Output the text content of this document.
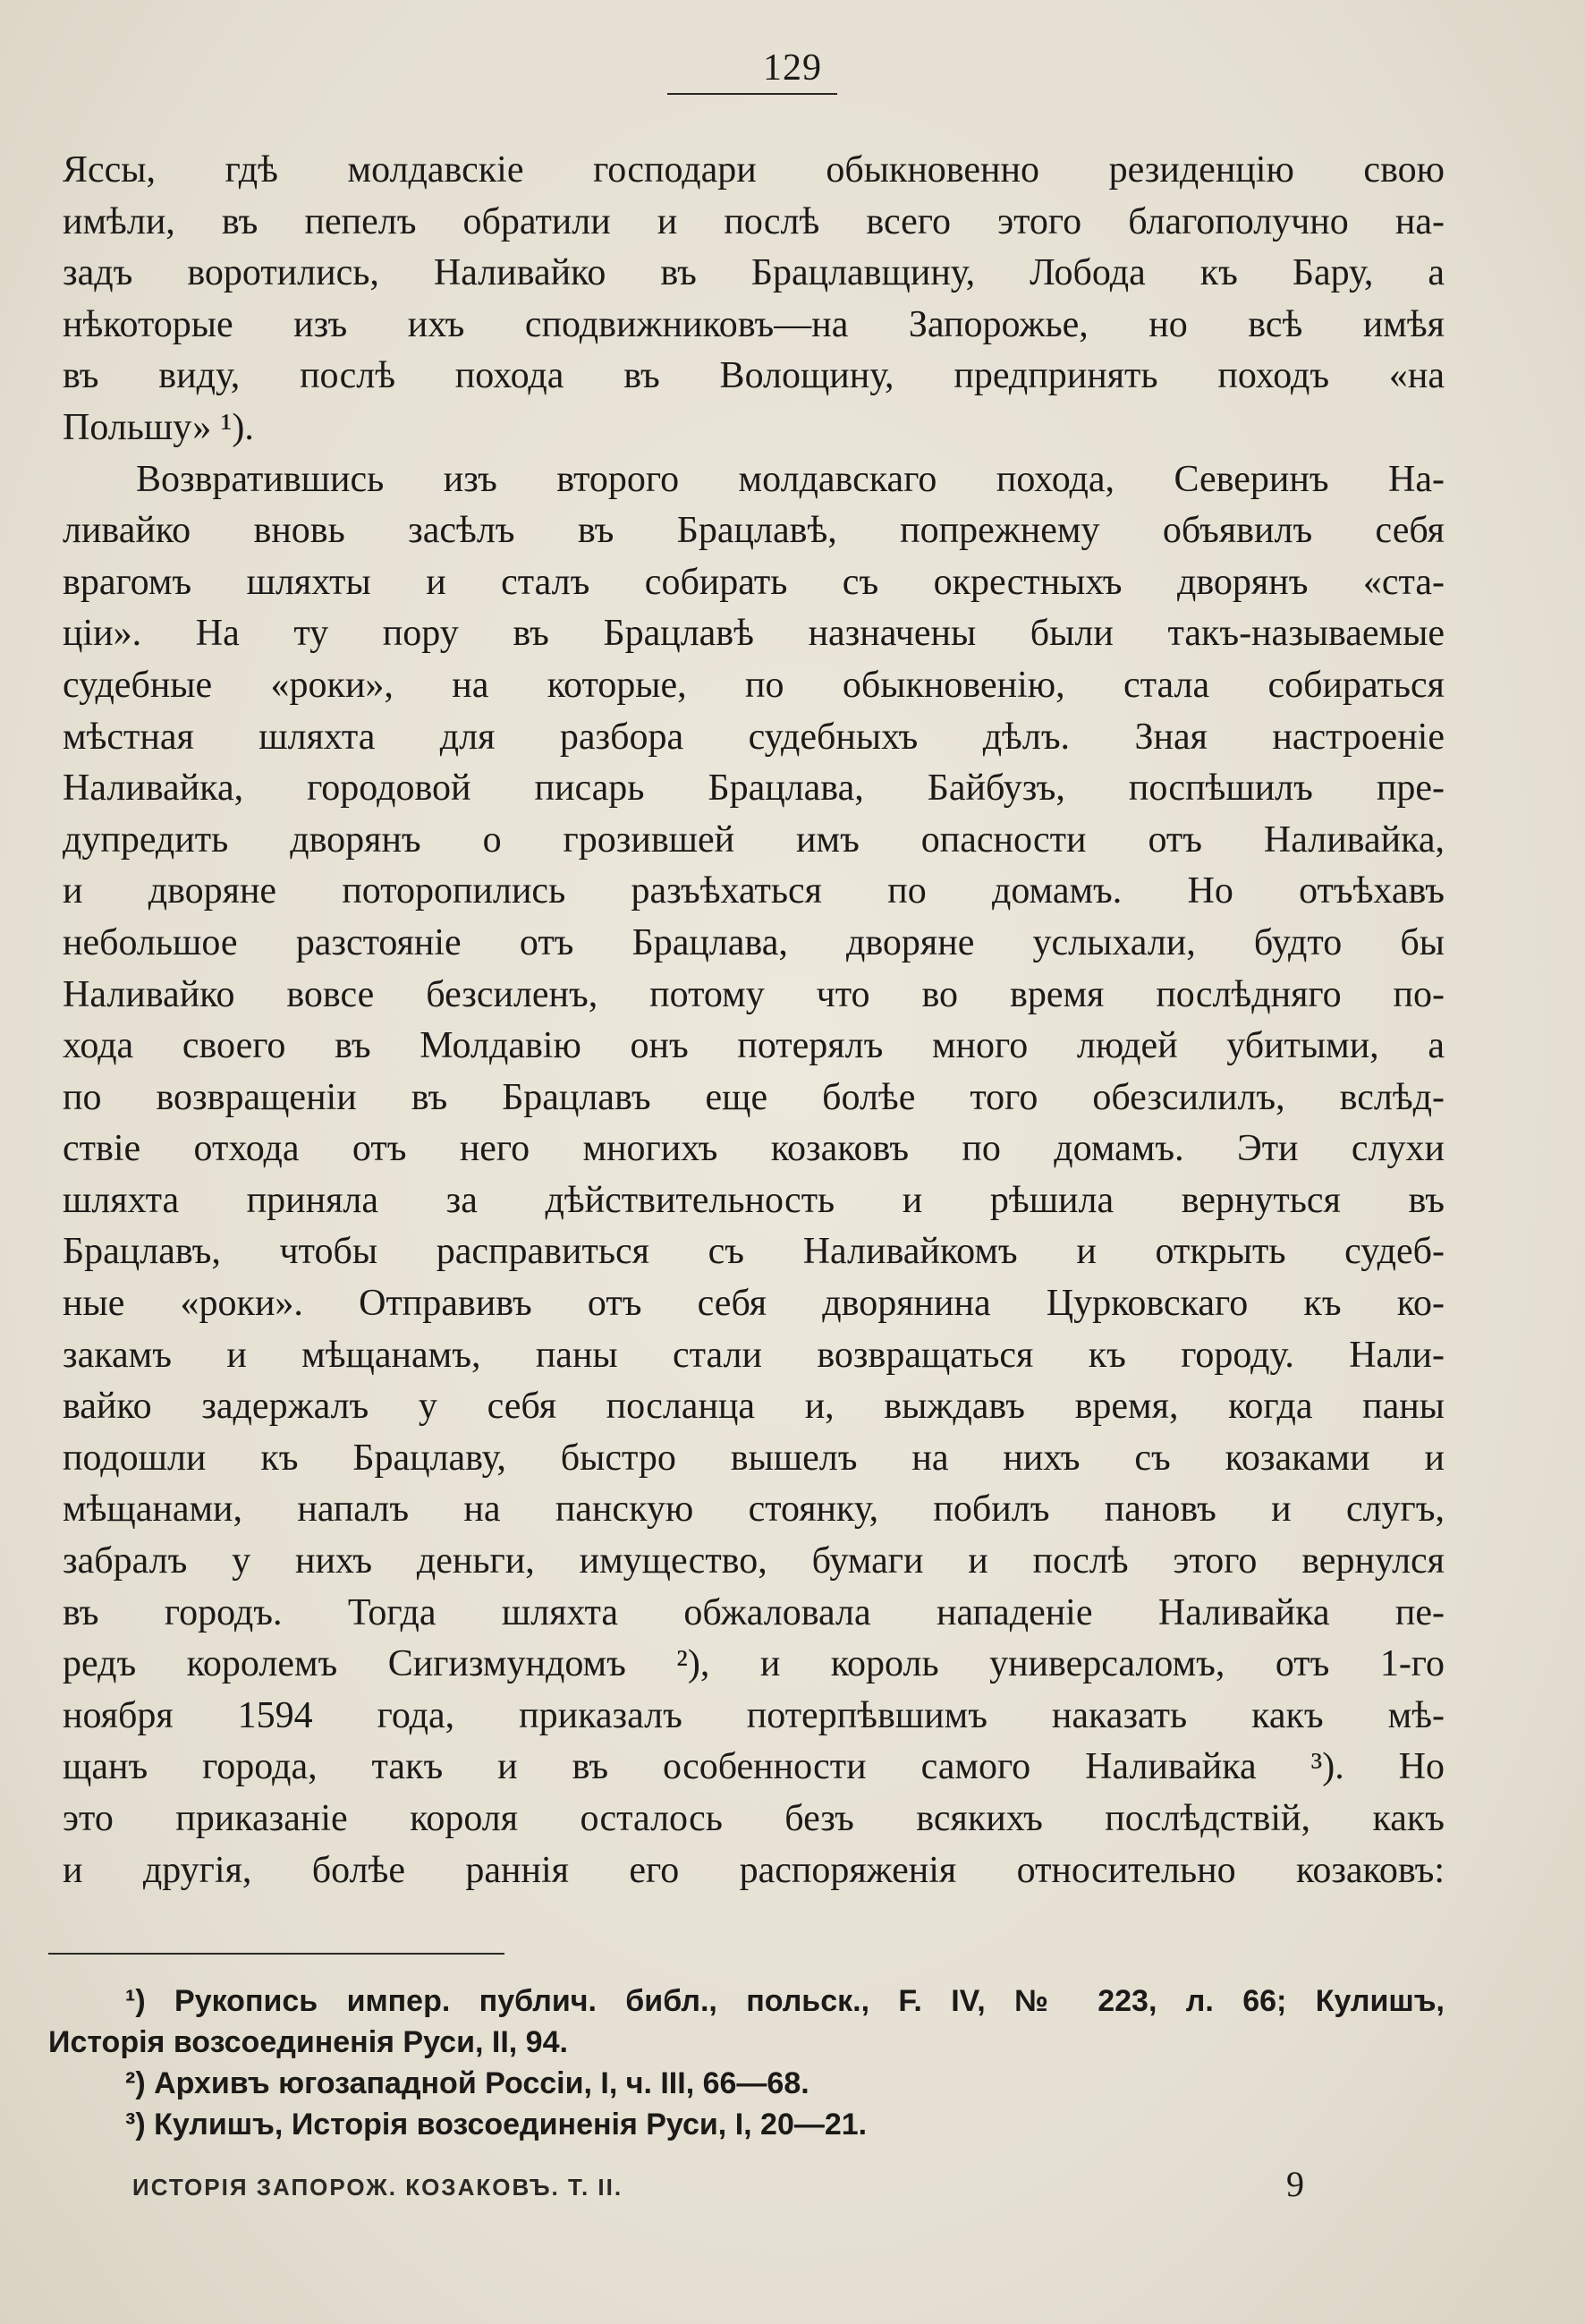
129
Яссы, гдѣ молдавскіе господари обыкновенно резиденцію свою
имѣли, въ пепелъ обратили и послѣ всего этого благополучно на-
задъ воротились, Наливайко въ Брацлавщину, Лобода къ Бару, а
нѣкоторые изъ ихъ сподвижниковъ—на Запорожье, но всѣ имѣя
въ виду, послѣ похода въ Волощину, предпринять походъ «на
Польшу» ¹).
Возвратившись изъ второго молдавскаго похода, Северинъ На-
ливайко вновь засѣлъ въ Брацлавѣ, попрежнему объявилъ себя
врагомъ шляхты и сталъ собирать съ окрестныхъ дворянъ «ста-
ціи». На ту пору въ Брацлавѣ назначены были такъ-называемые
судебные «роки», на которые, по обыкновенію, стала собираться
мѣстная шляхта для разбора судебныхъ дѣлъ. Зная настроеніе
Наливайка, городовой писарь Брацлава, Байбузъ, поспѣшилъ пре-
дупредить дворянъ о грозившей имъ опасности отъ Наливайка,
и дворяне поторопились разъѣхаться по домамъ. Но отъѣхавъ
небольшое разстояніе отъ Брацлава, дворяне услыхали, будто бы
Наливайко вовсе безсиленъ, потому что во время послѣдняго по-
хода своего въ Молдавію онъ потерялъ много людей убитыми, а
по возвращеніи въ Брацлавъ еще болѣе того обезсилилъ, вслѣд-
ствіе отхода отъ него многихъ козаковъ по домамъ. Эти слухи
шляхта приняла за дѣйствительность и рѣшила вернуться въ
Брацлавъ, чтобы расправиться съ Наливайкомъ и открыть судеб-
ные «роки». Отправивъ отъ себя дворянина Цурковскаго къ ко-
закамъ и мѣщанамъ, паны стали возвращаться къ городу. Нали-
вайко задержалъ у себя посланца и, выждавъ время, когда паны
подошли къ Брацлаву, быстро вышелъ на нихъ съ козаками и
мѣщанами, напалъ на панскую стоянку, побилъ пановъ и слугъ,
забралъ у нихъ деньги, имущество, бумаги и послѣ этого вернулся
въ городъ. Тогда шляхта обжаловала нападеніе Наливайка пе-
редъ королемъ Сигизмундомъ ²), и король универсаломъ, отъ 1-го
ноября 1594 года, приказалъ потерпѣвшимъ наказать какъ мѣ-
щанъ города, такъ и въ особенности самого Наливайка ³). Но
это приказаніе короля осталось безъ всякихъ послѣдствій, какъ
и другія, болѣе раннія его распоряженія относительно козаковъ:
¹) Рукопись импер. публич. библ., польск., F. IV, № 223, л. 66; Кулишъ,
Исторія возсоединенія Руси, II, 94.
²) Архивъ югозападной Россіи, I, ч. III, 66—68.
³) Кулишъ, Исторія возсоединенія Руси, I, 20—21.
ИСТОРІЯ ЗАПОРОЖ. КОЗАКОВЪ. Т. II.	9
